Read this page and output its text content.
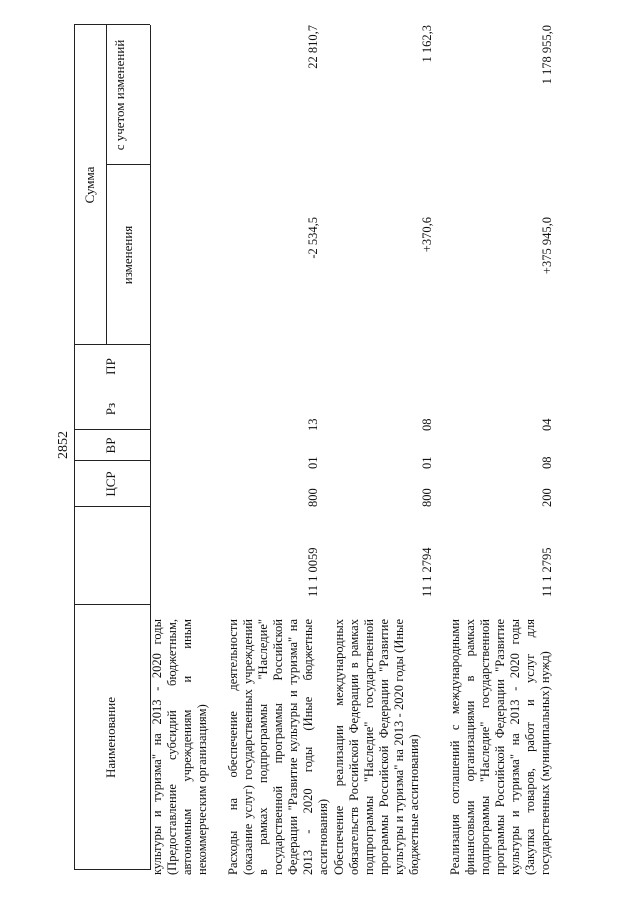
2852
Наименование
ЦСР
ВР
Рз
ПР
Сумма
изменения
с учетом изменений
культуры и туризма" на 2013 - 2020 годы (Предоставление субсидий бюджетным, автономным учреждениям и иным некоммерческим организациям) Расходы на обеспечение деятельности (оказание услуг) государственных учреждений в рамках подпрограммы "Наследие" государственной программы Российской Федерации "Развитие культуры и туризма" на 2013 - 2020 годы (Иные бюджетные ассигнования)
11 1 0059
800
01
13
-2 534,5
22 810,7
Обеспечение реализации международных обязательств Российской Федерации в рамках подпрограммы "Наследие" государственной программы Российской Федерации "Развитие культуры и туризма" на 2013 - 2020 годы (Иные бюджетные ассигнования)
11 1 2794
800
01
08
+370,6
1 162,3
Реализация соглашений с международными финансовыми организациями в рамках подпрограммы "Наследие" государственной программы Российской Федерации "Развитие культуры и туризма" на 2013 - 2020 годы (Закупка товаров, работ и услуг для государственных (муниципальных) нужд)
11 1 2795
200
08
04
+375 945,0
1 178 955,0
